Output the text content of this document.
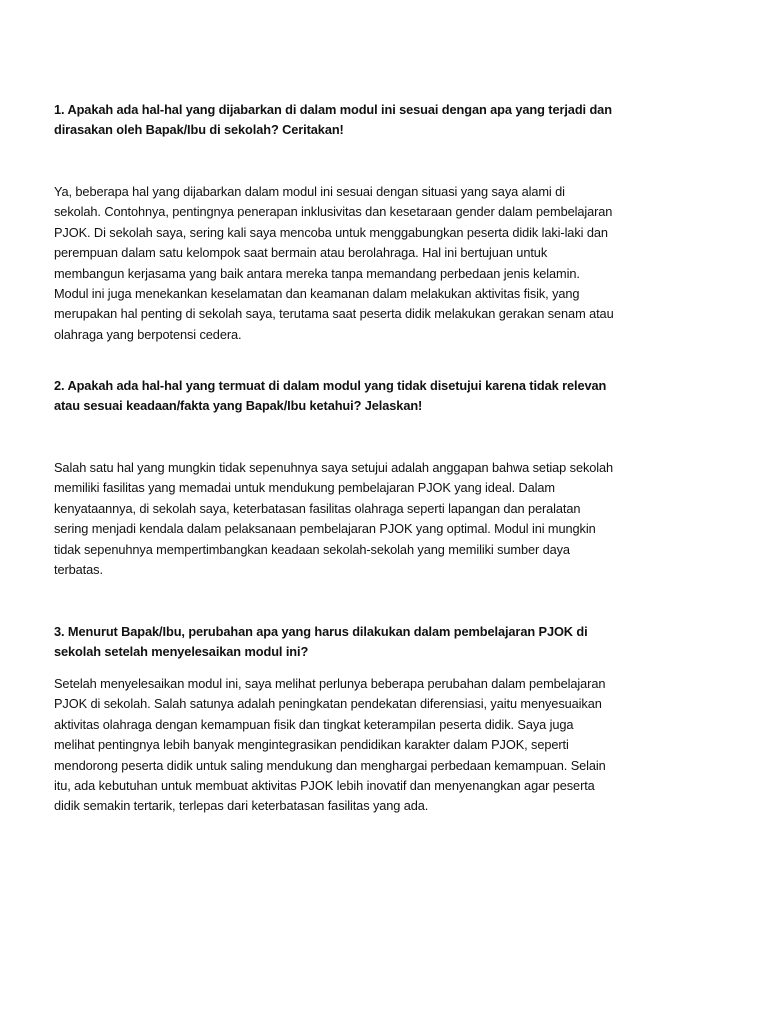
1. Apakah ada hal-hal yang dijabarkan di dalam modul ini sesuai dengan apa yang terjadi dan dirasakan oleh Bapak/Ibu di sekolah? Ceritakan!

Ya, beberapa hal yang dijabarkan dalam modul ini sesuai dengan situasi yang saya alami di sekolah. Contohnya, pentingnya penerapan inklusivitas dan kesetaraan gender dalam pembelajaran PJOK. Di sekolah saya, sering kali saya mencoba untuk menggabungkan peserta didik laki-laki dan perempuan dalam satu kelompok saat bermain atau berolahraga. Hal ini bertujuan untuk membangun kerjasama yang baik antara mereka tanpa memandang perbedaan jenis kelamin. Modul ini juga menekankan keselamatan dan keamanan dalam melakukan aktivitas fisik, yang merupakan hal penting di sekolah saya, terutama saat peserta didik melakukan gerakan senam atau olahraga yang berpotensi cedera.

2. Apakah ada hal-hal yang termuat di dalam modul yang tidak disetujui karena tidak relevan atau sesuai keadaan/fakta yang Bapak/Ibu ketahui? Jelaskan!

Salah satu hal yang mungkin tidak sepenuhnya saya setujui adalah anggapan bahwa setiap sekolah memiliki fasilitas yang memadai untuk mendukung pembelajaran PJOK yang ideal. Dalam kenyataannya, di sekolah saya, keterbatasan fasilitas olahraga seperti lapangan dan peralatan sering menjadi kendala dalam pelaksanaan pembelajaran PJOK yang optimal. Modul ini mungkin tidak sepenuhnya mempertimbangkan keadaan sekolah-sekolah yang memiliki sumber daya terbatas.

3. Menurut Bapak/Ibu, perubahan apa yang harus dilakukan dalam pembelajaran PJOK di sekolah setelah menyelesaikan modul ini?

Setelah menyelesaikan modul ini, saya melihat perlunya beberapa perubahan dalam pembelajaran PJOK di sekolah. Salah satunya adalah peningkatan pendekatan diferensiasi, yaitu menyesuaikan aktivitas olahraga dengan kemampuan fisik dan tingkat keterampilan peserta didik. Saya juga melihat pentingnya lebih banyak mengintegrasikan pendidikan karakter dalam PJOK, seperti mendorong peserta didik untuk saling mendukung dan menghargai perbedaan kemampuan. Selain itu, ada kebutuhan untuk membuat aktivitas PJOK lebih inovatif dan menyenangkan agar peserta didik semakin tertarik, terlepas dari keterbatasan fasilitas yang ada.
